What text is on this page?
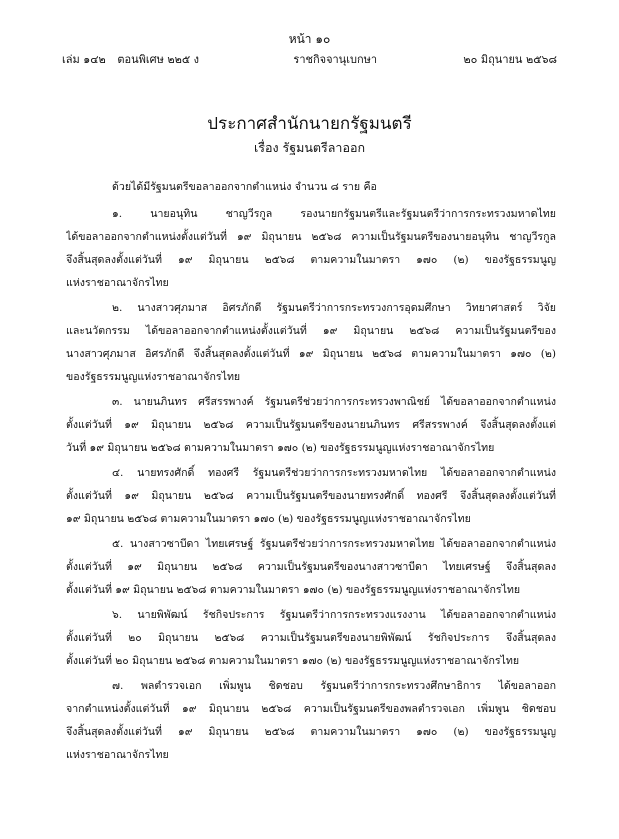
หน้า ๑๐
เล่ม ๑๔๒ ตอนพิเศษ ๒๒๕ ง	ราชกิจจานุเบกษา	๒๐ มิถุนายน ๒๕๖๘
ประกาศสำนักนายกรัฐมนตรี
เรื่อง รัฐมนตรีลาออก

ด้วยได้มีรัฐมนตรีขอลาออกจากตำแหน่ง จำนวน ๘ ราย คือ

๑. นายอนุทิน ชาญวีรกูล รองนายกรัฐมนตรีและรัฐมนตรีว่าการกระทรวงมหาดไทย
ได้ขอลาออกจากตำแหน่งตั้งแต่วันที่ ๑๙ มิถุนายน ๒๕๖๘ ความเป็นรัฐมนตรีของนายอนุทิน ชาญวีรกูล
จึงสิ้นสุดลงตั้งแต่วันที่ ๑๙ มิถุนายน ๒๕๖๘ ตามความในมาตรา ๑๗๐ (๒) ของรัฐธรรมนูญ
แห่งราชอาณาจักรไทย

๒. นางสาวศุภมาส อิศรภักดี รัฐมนตรีว่าการกระทรวงการอุดมศึกษา วิทยาศาสตร์ วิจัย
และนวัตกรรม ได้ขอลาออกจากตำแหน่งตั้งแต่วันที่ ๑๙ มิถุนายน ๒๕๖๘ ความเป็นรัฐมนตรีของ
นางสาวศุภมาส อิศรภักดี จึงสิ้นสุดลงตั้งแต่วันที่ ๑๙ มิถุนายน ๒๕๖๘ ตามความในมาตรา ๑๗๐ (๒)
ของรัฐธรรมนูญแห่งราชอาณาจักรไทย

๓. นายนภินทร ศรีสรรพางค์ รัฐมนตรีช่วยว่าการกระทรวงพาณิชย์ ได้ขอลาออกจากตำแหน่ง
ตั้งแต่วันที่ ๑๙ มิถุนายน ๒๕๖๘ ความเป็นรัฐมนตรีของนายนภินทร ศรีสรรพางค์ จึงสิ้นสุดลงตั้งแต่
วันที่ ๑๙ มิถุนายน ๒๕๖๘ ตามความในมาตรา ๑๗๐ (๒) ของรัฐธรรมนูญแห่งราชอาณาจักรไทย

๔. นายทรงศักดิ์ ทองศรี รัฐมนตรีช่วยว่าการกระทรวงมหาดไทย ได้ขอลาออกจากตำแหน่ง
ตั้งแต่วันที่ ๑๙ มิถุนายน ๒๕๖๘ ความเป็นรัฐมนตรีของนายทรงศักดิ์ ทองศรี จึงสิ้นสุดลงตั้งแต่วันที่
๑๙ มิถุนายน ๒๕๖๘ ตามความในมาตรา ๑๗๐ (๒) ของรัฐธรรมนูญแห่งราชอาณาจักรไทย

๕. นางสาวซาบีดา ไทยเศรษฐ์ รัฐมนตรีช่วยว่าการกระทรวงมหาดไทย ได้ขอลาออกจากตำแหน่ง
ตั้งแต่วันที่ ๑๙ มิถุนายน ๒๕๖๘ ความเป็นรัฐมนตรีของนางสาวซาบีดา ไทยเศรษฐ์ จึงสิ้นสุดลง
ตั้งแต่วันที่ ๑๙ มิถุนายน ๒๕๖๘ ตามความในมาตรา ๑๗๐ (๒) ของรัฐธรรมนูญแห่งราชอาณาจักรไทย

๖. นายพิพัฒน์ รัชกิจประการ รัฐมนตรีว่าการกระทรวงแรงงาน ได้ขอลาออกจากตำแหน่ง
ตั้งแต่วันที่ ๒๐ มิถุนายน ๒๕๖๘ ความเป็นรัฐมนตรีของนายพิพัฒน์ รัชกิจประการ จึงสิ้นสุดลง
ตั้งแต่วันที่ ๒๐ มิถุนายน ๒๕๖๘ ตามความในมาตรา ๑๗๐ (๒) ของรัฐธรรมนูญแห่งราชอาณาจักรไทย

๗. พลตำรวจเอก เพิ่มพูน ชิดชอบ รัฐมนตรีว่าการกระทรวงศึกษาธิการ ได้ขอลาออก
จากตำแหน่งตั้งแต่วันที่ ๑๙ มิถุนายน ๒๕๖๘ ความเป็นรัฐมนตรีของพลตำรวจเอก เพิ่มพูน ชิดชอบ
จึงสิ้นสุดลงตั้งแต่วันที่ ๑๙ มิถุนายน ๒๕๖๘ ตามความในมาตรา ๑๗๐ (๒) ของรัฐธรรมนูญ
แห่งราชอาณาจักรไทย
